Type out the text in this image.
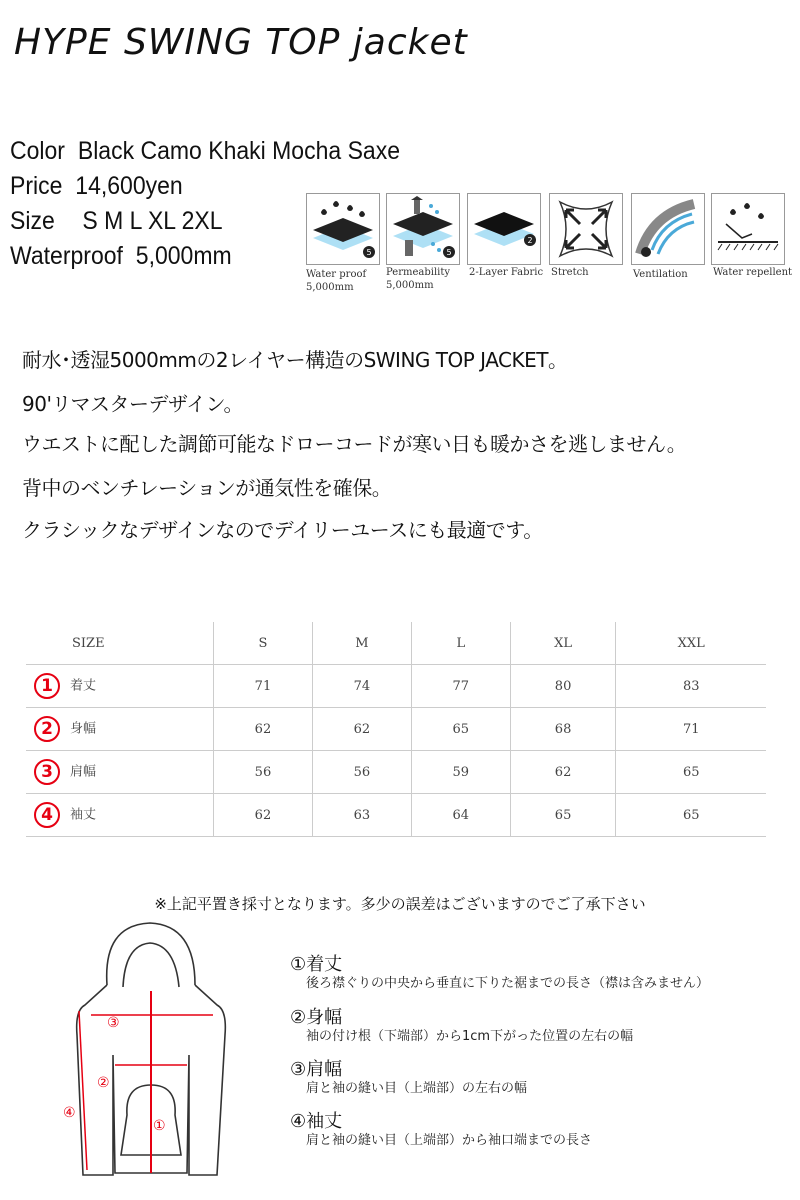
HYPE SWING TOP jacket
Color Black Camo Khaki Mocha Saxe
Price 14,600yen
Size S M L XL 2XL
Waterproof 5,000mm	5	5
2
Water proof
5,000mm
Permeability
5,000mm
2-Layer Fabric Stretch	Ventilation	Water repellent
耐水･透湿5000mmの2レイヤー構造のSWING TOP JACKET。
90'リマスターデザイン。
ウエストに配した調節可能なドローコードが寒い日も暖かさを逃しません。
背中のベンチレーションが通気性を確保。
クラシックなデザインなのでデイリーユースにも最適です。
SIZE	S	M	L	XL	XXL
1 着丈	71	74	77	80	83
2 身幅	62	62	65	68	71
3 肩幅	56	56	59	62	65
4 袖丈	62	63	64	65	65
※上記平置き採寸となります。多少の誤差はございますのでご了承下さい
③
②
④
①
①着丈
後ろ襟ぐりの中央から垂直に下りた裾までの長さ（襟は含みません）
②身幅
袖の付け根（下端部）から1cm下がった位置の左右の幅
③肩幅
肩と袖の縫い目（上端部）の左右の幅
④袖丈
肩と袖の縫い目（上端部）から袖口端までの長さ
